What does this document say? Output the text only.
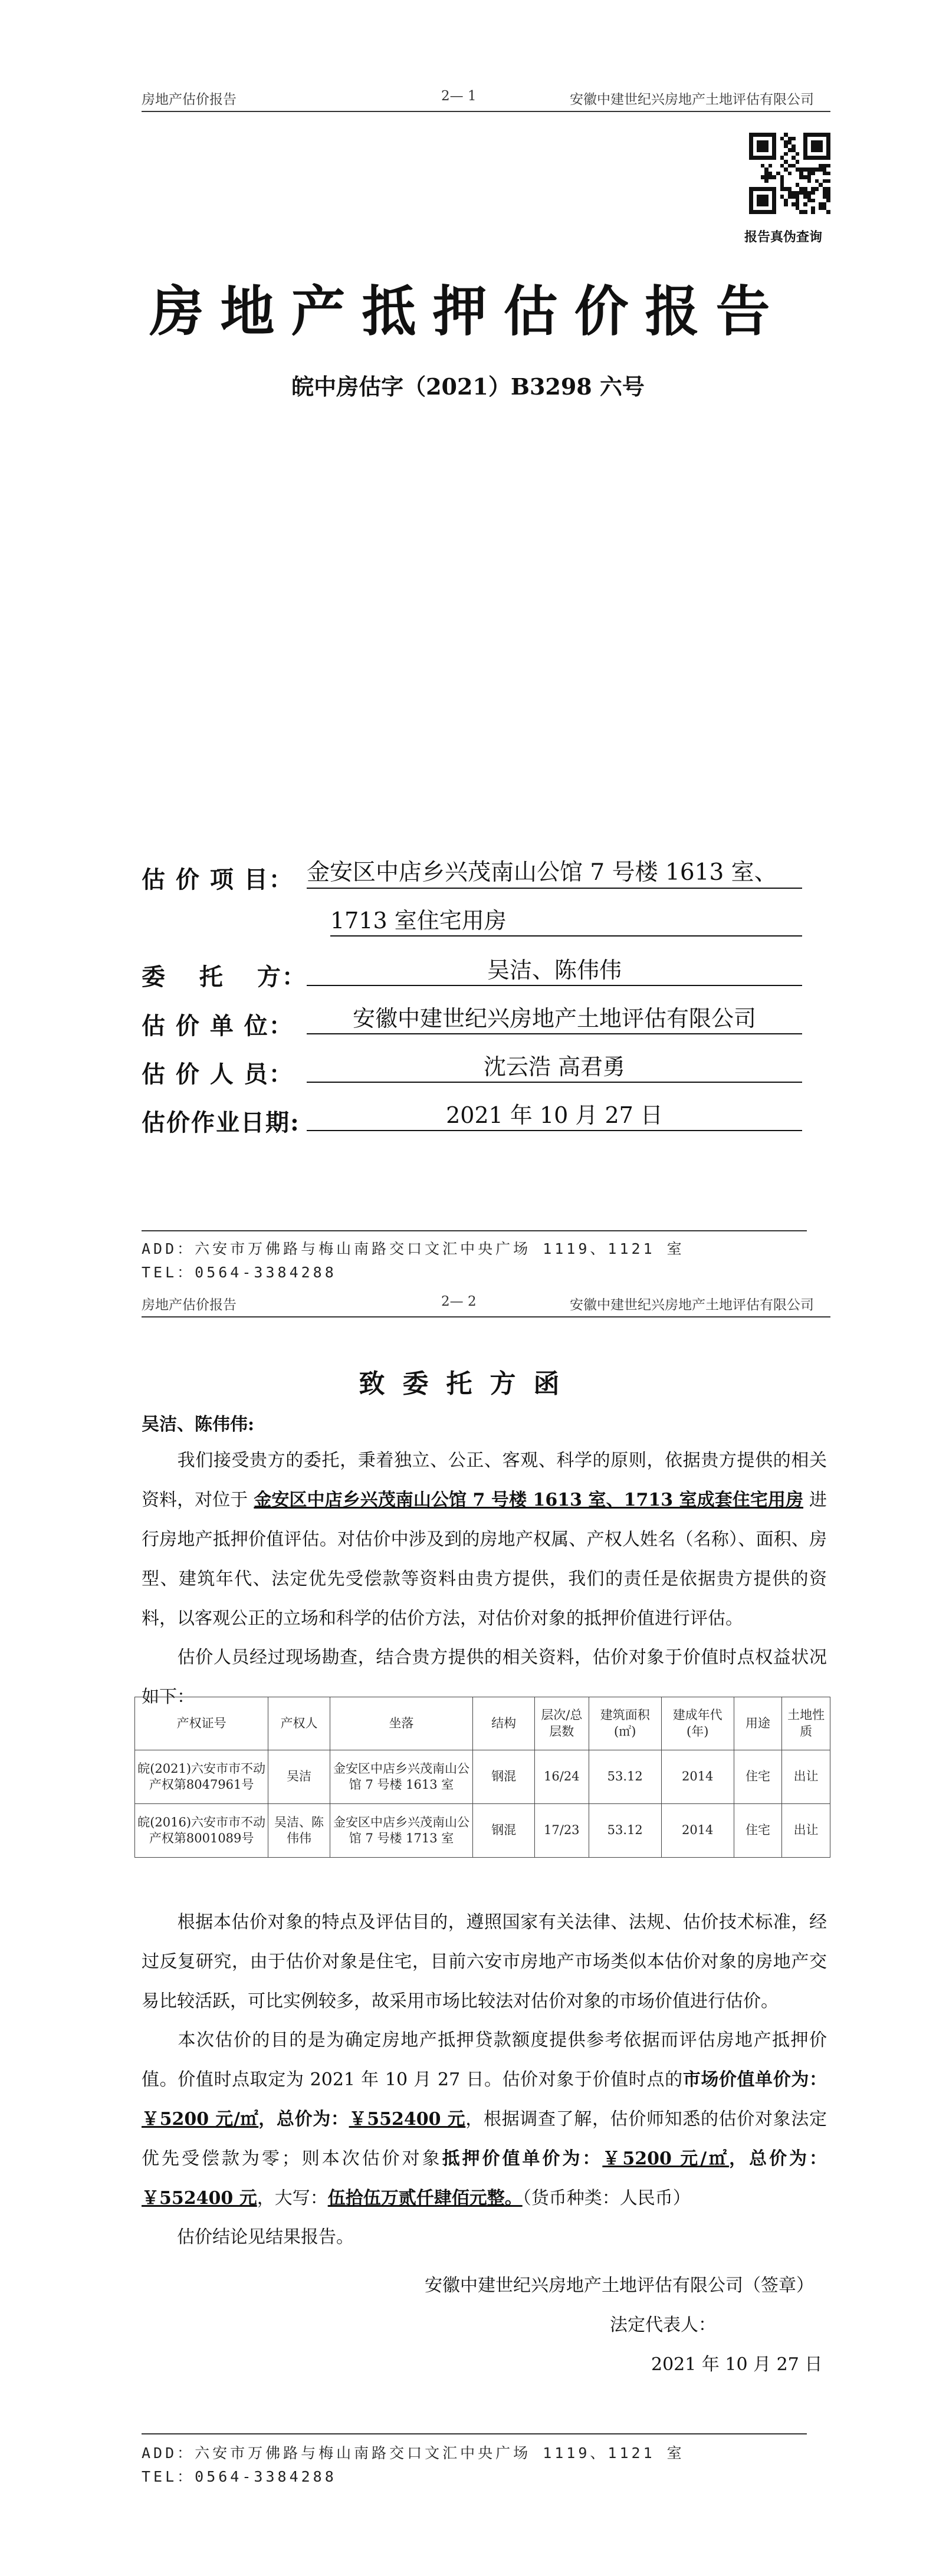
房地产估价报告	2— 1	安徽中建世纪兴房地产土地评估有限公司
报告真伪查询
房地产抵押估价报告
皖中房估字（2021）B3298 六号
估 价 项 目： 金安区中店乡兴茂南山公馆 7 号楼 1613 室、
1713 室住宅用房
委 托 方：	吴洁、陈伟伟
估 价 单 位：	安徽中建世纪兴房地产土地评估有限公司
估 价 人 员：	沈云浩 高君勇
估价作业日期:	2021 年 10 月 27 日
ADD：六安市万佛路与梅山南路交口文汇中央广场 1119、1121 室
TEL：0564-3384288
房地产估价报告	2— 2	安徽中建世纪兴房地产土地评估有限公司
致委托方函
吴洁、陈伟伟:
我们接受贵方的委托，秉着独立、公正、客观、科学的原则，依据贵方提供的相关资料，对位于 金安区中店乡兴茂南山公馆 7 号楼 1613 室、1713 室成套住宅用房 进行房地产抵押价值评估。对估价中涉及到的房地产权属、产权人姓名（名称）、面积、房型、建筑年代、法定优先受偿款等资料由贵方提供，我们的责任是依据贵方提供的资料，以客观公正的立场和科学的估价方法，对估价对象的抵押价值进行评估。
估价人员经过现场勘查，结合贵方提供的相关资料，估价对象于价值时点权益状况如下：
产权证号	产权人	坐落	结构	层次/总层数	建筑面积(㎡)	建成年代(年)	用途	土地性质
皖(2021)六安市市不动产权第8047961号	吴洁	金安区中店乡兴茂南山公馆 7 号楼 1613 室	钢混	16/24	53.12	2014	住宅	出让
皖(2016)六安市市不动产权第8001089号	吴洁、陈伟伟	金安区中店乡兴茂南山公馆 7 号楼 1713 室	钢混	17/23	53.12	2014	住宅	出让
根据本估价对象的特点及评估目的，遵照国家有关法律、法规、估价技术标准，经过反复研究，由于估价对象是住宅，目前六安市房地产市场类似本估价对象的房地产交易比较活跃，可比实例较多，故采用市场比较法对估价对象的市场价值进行估价。
本次估价的目的是为确定房地产抵押贷款额度提供参考依据而评估房地产抵押价值。价值时点取定为 2021 年 10 月 27 日。估价对象于价值时点的市场价值单价为：￥5200 元/㎡，总价为：￥552400 元，根据调查了解，估价师知悉的估价对象法定优先受偿款为零；则本次估价对象抵押价值单价为：￥5200 元/㎡，总价为：￥552400 元，大写：伍拾伍万贰仟肆佰元整。（货币种类：人民币）
估价结论见结果报告。
安徽中建世纪兴房地产土地评估有限公司（签章）
法定代表人：
2021 年 10 月 27 日
ADD：六安市万佛路与梅山南路交口文汇中央广场 1119、1121 室
TEL：0564-3384288
